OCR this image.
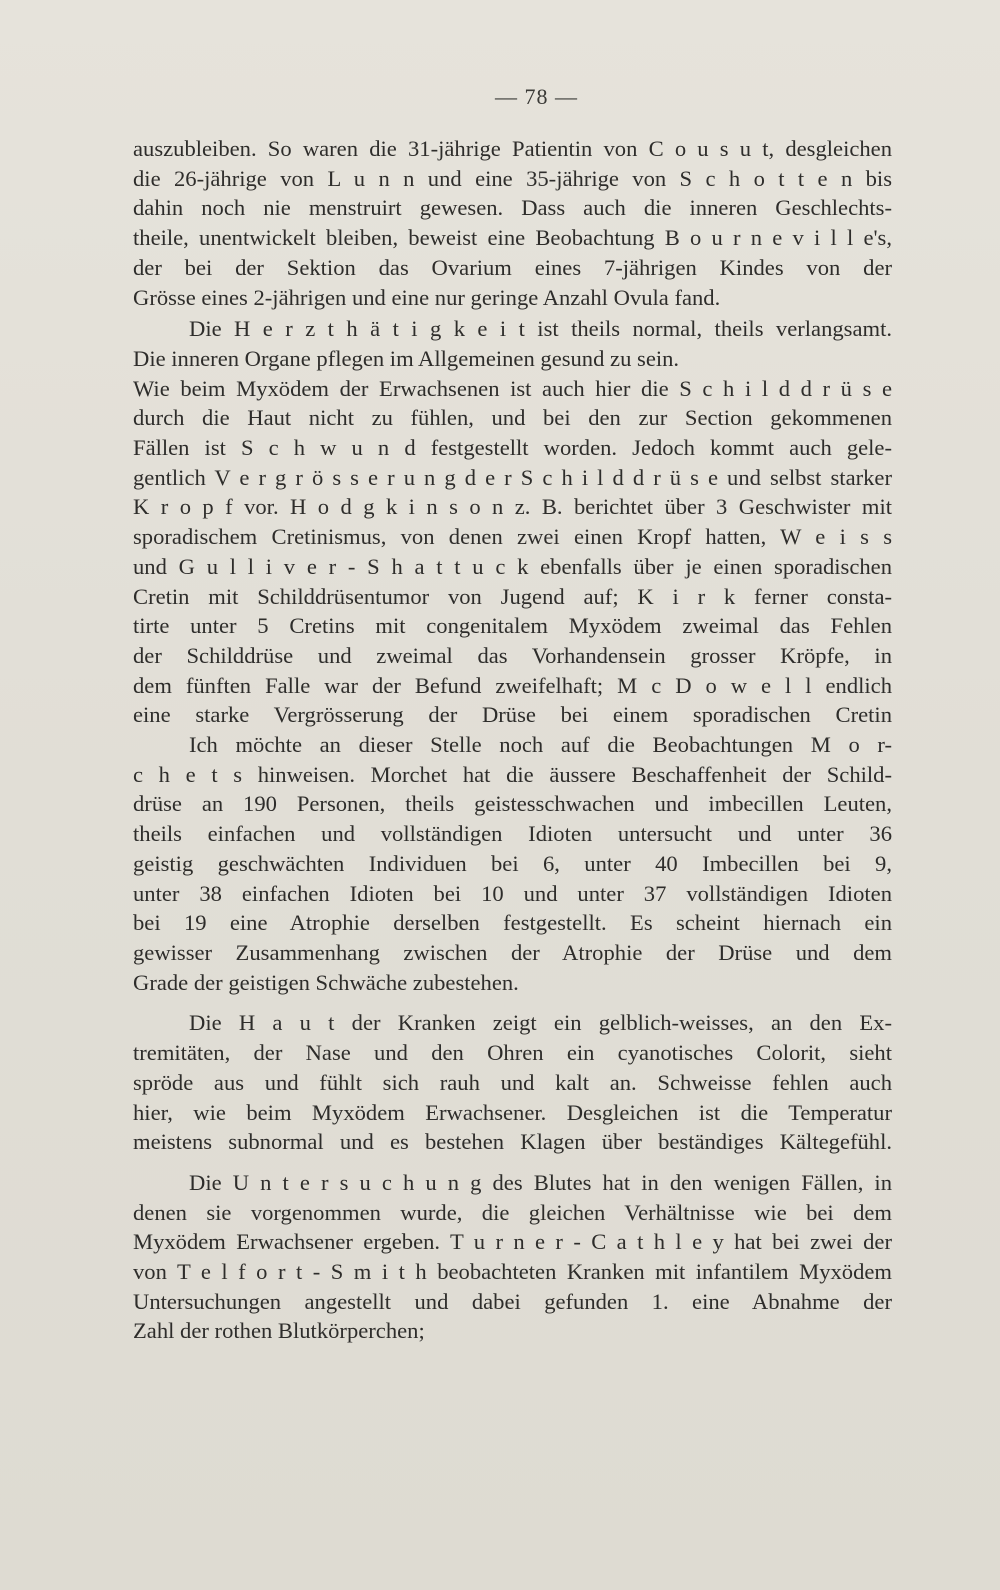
— 78 —
auszubleiben. So waren die 31-jährige Patientin von C o u s u t, desgleichen
die 26-jährige von L u n n und eine 35-jährige von S c h o t t e n bis
dahin noch nie menstruirt gewesen. Dass auch die inneren Geschlechts-
theile, unentwickelt bleiben, beweist eine Beobachtung B o u r n e v i l l e's,
der bei der Sektion das Ovarium eines 7-jährigen Kindes von der
Grösse eines 2-jährigen und eine nur geringe Anzahl Ovula fand.
Die H e r z t h ä t i g k e i t ist theils normal, theils verlangsamt.
Die inneren Organe pflegen im Allgemeinen gesund zu sein.
Wie beim Myxödem der Erwachsenen ist auch hier die S c h i l d d r ü s e
durch die Haut nicht zu fühlen, und bei den zur Section gekommenen
Fällen ist S c h w u n d festgestellt worden. Jedoch kommt auch gele-
gentlich V e r g r ö s s e r u n g d e r S c h i l d d r ü s e und selbst starker
K r o p f vor. H o d g k i n s o n z. B. berichtet über 3 Geschwister mit
sporadischem Cretinismus, von denen zwei einen Kropf hatten, W e i s s
und G u l l i v e r - S h a t t u c k ebenfalls über je einen sporadischen
Cretin mit Schilddrüsentumor von Jugend auf; K i r k ferner consta-
tirte unter 5 Cretins mit congenitalem Myxödem zweimal das Fehlen
der Schilddrüse und zweimal das Vorhandensein grosser Kröpfe, in
dem fünften Falle war der Befund zweifelhaft; M c D o w e l l endlich
eine starke Vergrösserung der Drüse bei einem sporadischen Cretin
Ich möchte an dieser Stelle noch auf die Beobachtungen M o r-
c h e t s hinweisen. Morchet hat die äussere Beschaffenheit der Schild-
drüse an 190 Personen, theils geistesschwachen und imbecillen Leuten,
theils einfachen und vollständigen Idioten untersucht und unter 36
geistig geschwächten Individuen bei 6, unter 40 Imbecillen bei 9,
unter 38 einfachen Idioten bei 10 und unter 37 vollständigen Idioten
bei 19 eine Atrophie derselben festgestellt. Es scheint hiernach ein
gewisser Zusammenhang zwischen der Atrophie der Drüse und dem
Grade der geistigen Schwäche zubestehen.
Die H a u t der Kranken zeigt ein gelblich-weisses, an den Ex-
tremitäten, der Nase und den Ohren ein cyanotisches Colorit, sieht
spröde aus und fühlt sich rauh und kalt an. Schweisse fehlen auch
hier, wie beim Myxödem Erwachsener. Desgleichen ist die Temperatur
meistens subnormal und es bestehen Klagen über beständiges Kältegefühl.
Die U n t e r s u c h u n g des Blutes hat in den wenigen Fällen, in
denen sie vorgenommen wurde, die gleichen Verhältnisse wie bei dem
Myxödem Erwachsener ergeben. T u r n e r - C a t h l e y hat bei zwei der
von T e l f o r t - S m i t h beobachteten Kranken mit infantilem Myxödem
Untersuchungen angestellt und dabei gefunden 1. eine Abnahme der
Zahl der rothen Blutkörperchen;
